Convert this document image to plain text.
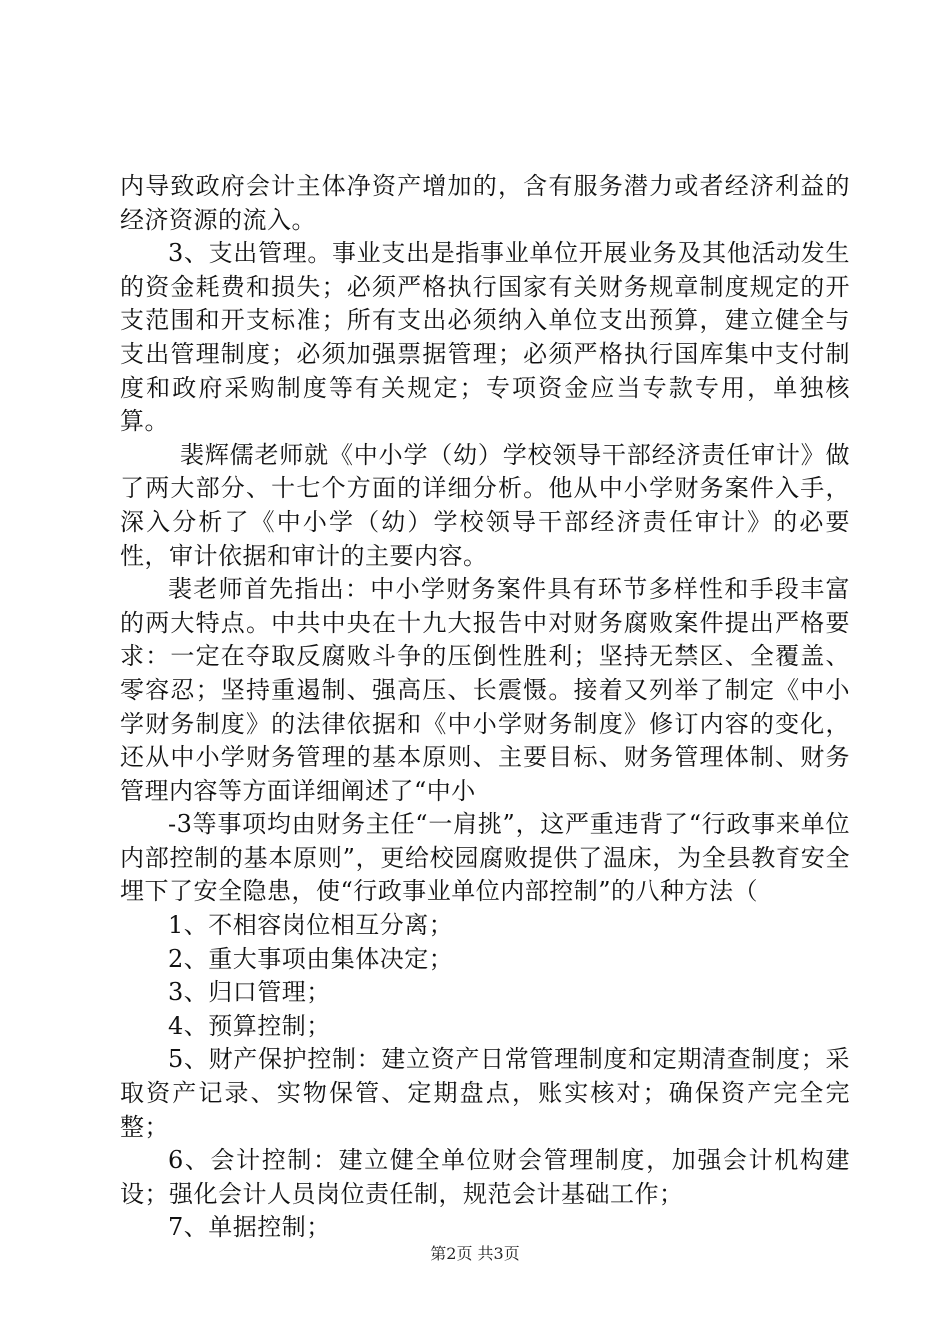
内导致政府会计主体净资产增加的，含有服务潜力或者经济利益的经济资源的流入。

3、支出管理。事业支出是指事业单位开展业务及其他活动发生的资金耗费和损失；必须严格执行国家有关财务规章制度规定的开支范围和开支标准；所有支出必须纳入单位支出预算，建立健全与支出管理制度；必须加强票据管理；必须严格执行国库集中支付制度和政府采购制度等有关规定；专项资金应当专款专用，单独核算。

裴辉儒老师就《中小学（幼）学校领导干部经济责任审计》做了两大部分、十七个方面的详细分析。他从中小学财务案件入手，深入分析了《中小学（幼）学校领导干部经济责任审计》的必要性，审计依据和审计的主要内容。

裴老师首先指出：中小学财务案件具有环节多样性和手段丰富的两大特点。中共中央在十九大报告中对财务腐败案件提出严格要求：一定在夺取反腐败斗争的压倒性胜利；坚持无禁区、全覆盖、零容忍；坚持重遏制、强高压、长震慑。接着又列举了制定《中小学财务制度》的法律依据和《中小学财务制度》修订内容的变化，还从中小学财务管理的基本原则、主要目标、财务管理体制、财务管理内容等方面详细阐述了“中小

-3等事项均由财务主任“一肩挑”，这严重违背了“行政事来单位内部控制的基本原则”，更给校园腐败提供了温床，为全县教育安全埋下了安全隐患，使“行政事业单位内部控制”的八种方法（

1、不相容岗位相互分离；

2、重大事项由集体决定；

3、归口管理；

4、预算控制；

5、财产保护控制：建立资产日常管理制度和定期清查制度；采取资产记录、实物保管、定期盘点，账实核对；确保资产完全完整；

6、会计控制：建立健全单位财会管理制度，加强会计机构建设；强化会计人员岗位责任制，规范会计基础工作；

7、单据控制；

第2页 共3页
